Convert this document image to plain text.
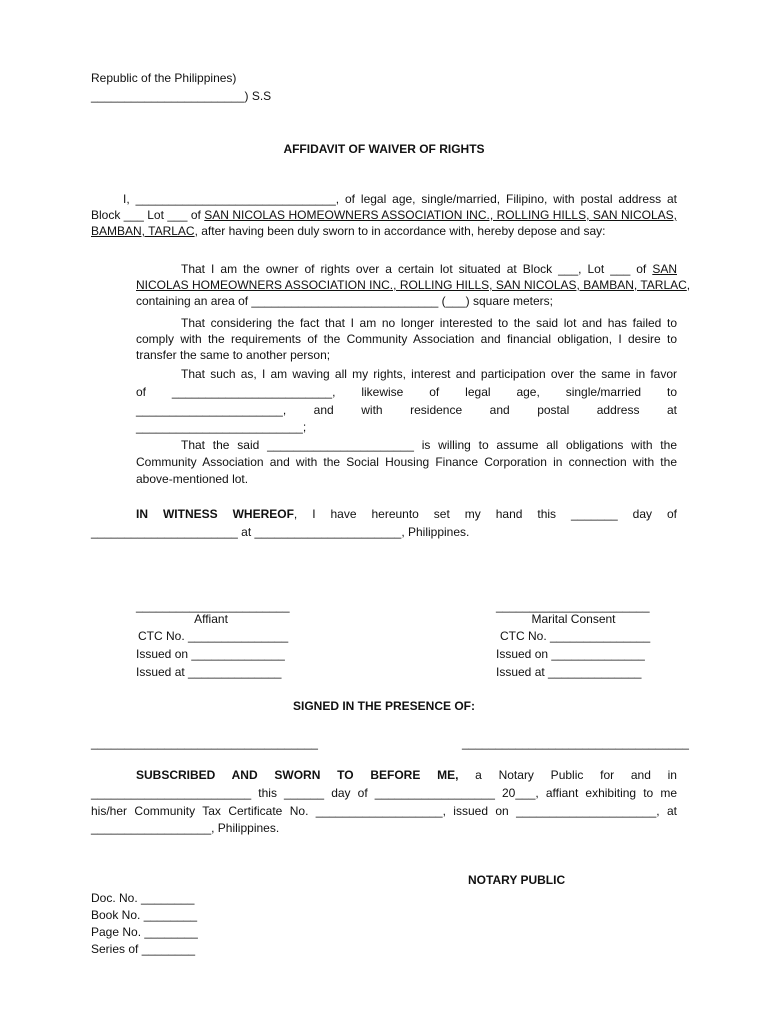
Republic of the Philippines)
_______________________) S.S
AFFIDAVIT OF WAIVER OF RIGHTS
I, ______________________________, of legal age, single/married, Filipino, with postal address at
Block ___ Lot ___ of SAN NICOLAS HOMEOWNERS ASSOCIATION INC., ROLLING HILLS, SAN NICOLAS,
BAMBAN, TARLAC, after having been duly sworn to in accordance with, hereby depose and say:
That I am the owner of rights over a certain lot situated at Block ___, Lot ___ of SAN
NICOLAS HOMEOWNERS ASSOCIATION INC., ROLLING HILLS, SAN NICOLAS, BAMBAN, TARLAC,
containing an area of ____________________________ (___) square meters;
That considering the fact that I am no longer interested to the said lot and has failed to
comply with the requirements of the Community Association and financial obligation, I desire to
transfer the same to another person;
That such as, I am waving all my rights, interest and participation over the same in favor
of ________________________, likewise of legal age, single/married to
______________________, and with residence and postal address at
_________________________;
That the said ______________________ is willing to assume all obligations with the
Community Association and with the Social Housing Finance Corporation in connection with the
above-mentioned lot.
IN WITNESS WHEREOF, I have hereunto set my hand this _______ day of
______________________ at ______________________, Philippines.
_______________________
Affiant
CTC No. _______________
Issued on ______________
Issued at ______________
_______________________
Marital Consent
CTC No. _______________
Issued on ______________
Issued at ______________
SIGNED IN THE PRESENCE OF:
__________________________________	__________________________________
SUBSCRIBED AND SWORN TO BEFORE ME, a Notary Public for and in
________________________ this ______ day of __________________ 20___, affiant exhibiting to me
his/her Community Tax Certificate No. ___________________, issued on _____________________, at
__________________, Philippines.
NOTARY PUBLIC
Doc. No. ________
Book No. ________
Page No. ________
Series of ________
